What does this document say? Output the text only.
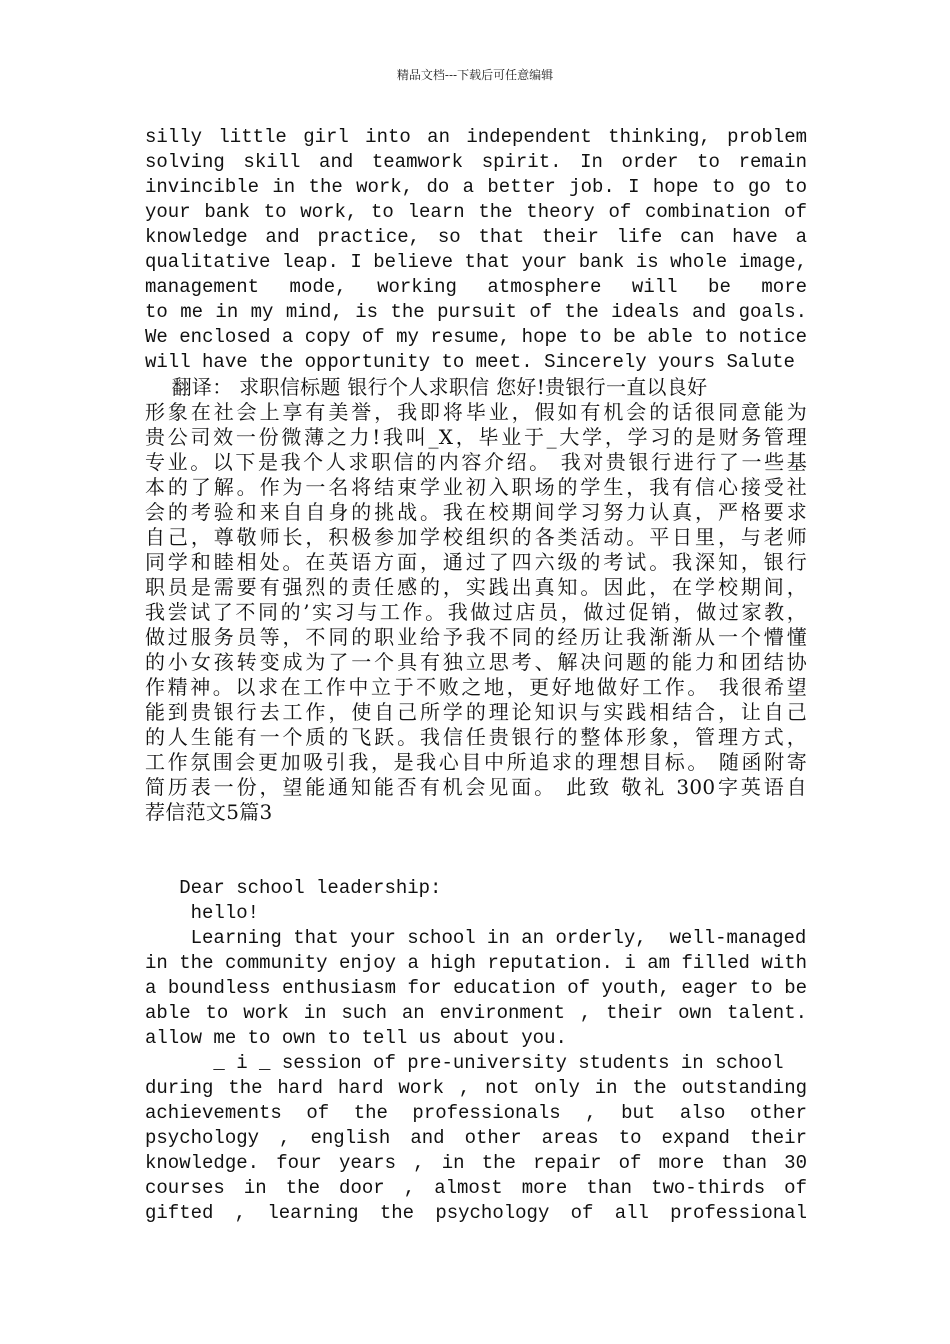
精品文档---下载后可任意编辑
silly little girl into an independent thinking, problem
solving skill and teamwork spirit. In order to remain
invincible in the work, do a better job. I hope to go to
your bank to work, to learn the theory of combination of
knowledge and practice, so that their life can have a
qualitative leap. I believe that your bank is whole image,
management mode, working atmosphere will be more
to me in my mind, is the pursuit of the ideals and goals.
We enclosed a copy of my resume, hope to be able to notice
will have the opportunity to meet. Sincerely yours Salute
翻译： 求职信标题 银行个人求职信 您好!贵银行一直以良好
形象在社会上享有美誉，我即将毕业，假如有机会的话很同意能为
贵公司效一份微薄之力!我叫_X，毕业于_大学，学习的是财务管理
专业。以下是我个人求职信的内容介绍。 我对贵银行进行了一些基
本的了解。作为一名将结束学业初入职场的学生，我有信心接受社
会的考验和来自自身的挑战。我在校期间学习努力认真，严格要求
自己，尊敬师长，积极参加学校组织的各类活动。平日里，与老师
同学和睦相处。在英语方面，通过了四六级的考试。我深知，银行
职员是需要有强烈的责任感的，实践出真知。因此，在学校期间，
我尝试了不同的’实习与工作。我做过店员，做过促销，做过家教，
做过服务员等，不同的职业给予我不同的经历让我渐渐从一个懵懂
的小女孩转变成为了一个具有独立思考、解决问题的能力和团结协
作精神。以求在工作中立于不败之地，更好地做好工作。 我很希望
能到贵银行去工作，使自己所学的理论知识与实践相结合，让自己
的人生能有一个质的飞跃。我信任贵银行的整体形象，管理方式，
工作氛围会更加吸引我，是我心目中所追求的理想目标。 随函附寄
简历表一份，望能通知能否有机会见面。 此致 敬礼 300字英语自
荐信范文5篇3
Dear school leadership:
hello!
Learning that your school in an orderly,  well-managed
in the community enjoy a high reputation. i am filled with
a boundless enthusiasm for education of youth, eager to be
able to work in such an environment , their own talent.
allow me to own to tell us about you.
_ i _ session of pre-university students in school
during the hard hard work , not only in the outstanding
achievements of the professionals , but also other
psychology , english and other areas to expand their
knowledge. four years , in the repair of more than 30
courses in the door , almost more than two-thirds of
gifted , learning the psychology of all professional
